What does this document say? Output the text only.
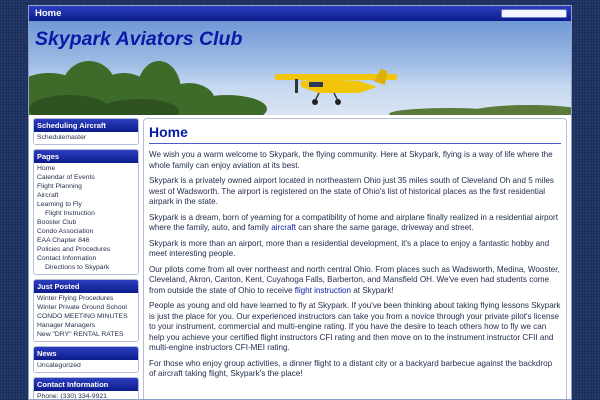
Home
Skypark Aviators Club
Scheduling Aircraft
Schedulemaster
Pages
Home
Calendar of Events
Flight Planning
Aircraft
Learning to Fly
Flight Instruction
Booster Club
Condo Association
EAA Chapter 846
Policies and Procedures
Contact Information
Directions to Skypark
Just Posted
Winter Flying Procedures
Winter Private Ground School
CONDO MEETING MINUTES
Hanager Managers
New "DRY" RENTAL RATES
News
Uncategorized
Contact Information
Phone: (330) 334-9921
Home

We wish you a warm welcome to Skypark, the flying community. Here at Skypark, flying is a way of life where the whole family can enjoy aviation at its best.

Skypark is a privately owned airport located in northeastern Ohio just 35 miles south of Cleveland Oh and 5 miles west of Wadsworth. The airport is registered on the state of Ohio's list of historical places as the first residential airpark in the state.

Skypark is a dream, born of yearning for a compatibility of home and airplane finally realized in a residential airport where the family, auto, and family aircraft can share the same garage, driveway and street.

Skypark is more than an airport, more than a residential development, it's a place to enjoy a fantastic hobby and meet interesting people.

Our pilots come from all over northeast and north central Ohio. From places such as Wadsworth, Medina, Wooster, Cleveland, Akron, Canton, Kent, Cuyahoga Falls, Barberton, and Mansfield OH. We've even had students come from outside the state of Ohio to receive flight instruction at Skypark!

People as young and old have learned to fly at Skypark. If you've been thinking about taking flying lessons Skypark is just the place for you. Our experienced instructors can take you from a novice through your private pilot's license to your instrument, commercial and multi-engine rating. If you have the desire to teach others how to fly we can help you achieve your certified flight instructors CFI rating and then move on to the instrument instructor CFII and multi-engine instructors CFI-MEI rating.

For those who enjoy group activities, a dinner flight to a distant city or a backyard barbecue against the backdrop of aircraft taking flight, Skypark's the place!
